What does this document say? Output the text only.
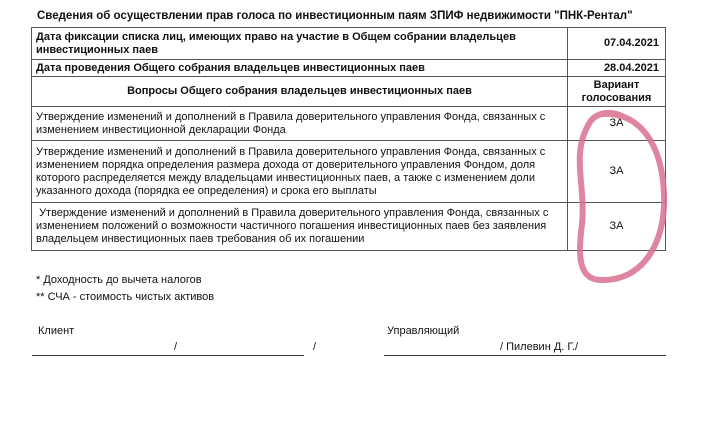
Сведения об осуществлении прав голоса по инвестиционным паям ЗПИФ недвижимости "ПНК-Рентал"
Дата фиксации списка лиц, имеющих право на участие в Общем собрании владельцев инвестиционных паев	07.04.2021
Дата проведения Общего собрания владельцев инвестиционных паев	28.04.2021
Вопросы Общего собрания владельцев инвестиционных паев	Вариант голосования
Утверждение изменений и дополнений в Правила доверительного управления Фонда, связанных с изменением инвестиционной декларации Фонда	ЗА
Утверждение изменений и дополнений в Правила доверительного управления Фонда, связанных с изменением порядка определения размера дохода от доверительного управления Фондом, доля которого распределяется между владельцами инвестиционных паев, а также с изменением доли указанного дохода (порядка ее определения) и срока его выплаты	ЗА
Утверждение изменений и дополнений в Правила доверительного управления Фонда, связанных с изменением положений о возможности частичного погашения инвестиционных паев без заявления владельцем инвестиционных паев требования об их погашении	ЗА
* Доходность до вычета налогов
** СЧА - стоимость чистых активов
Клиент
/	/
Управляющий
/ Пилевин Д. Г./
